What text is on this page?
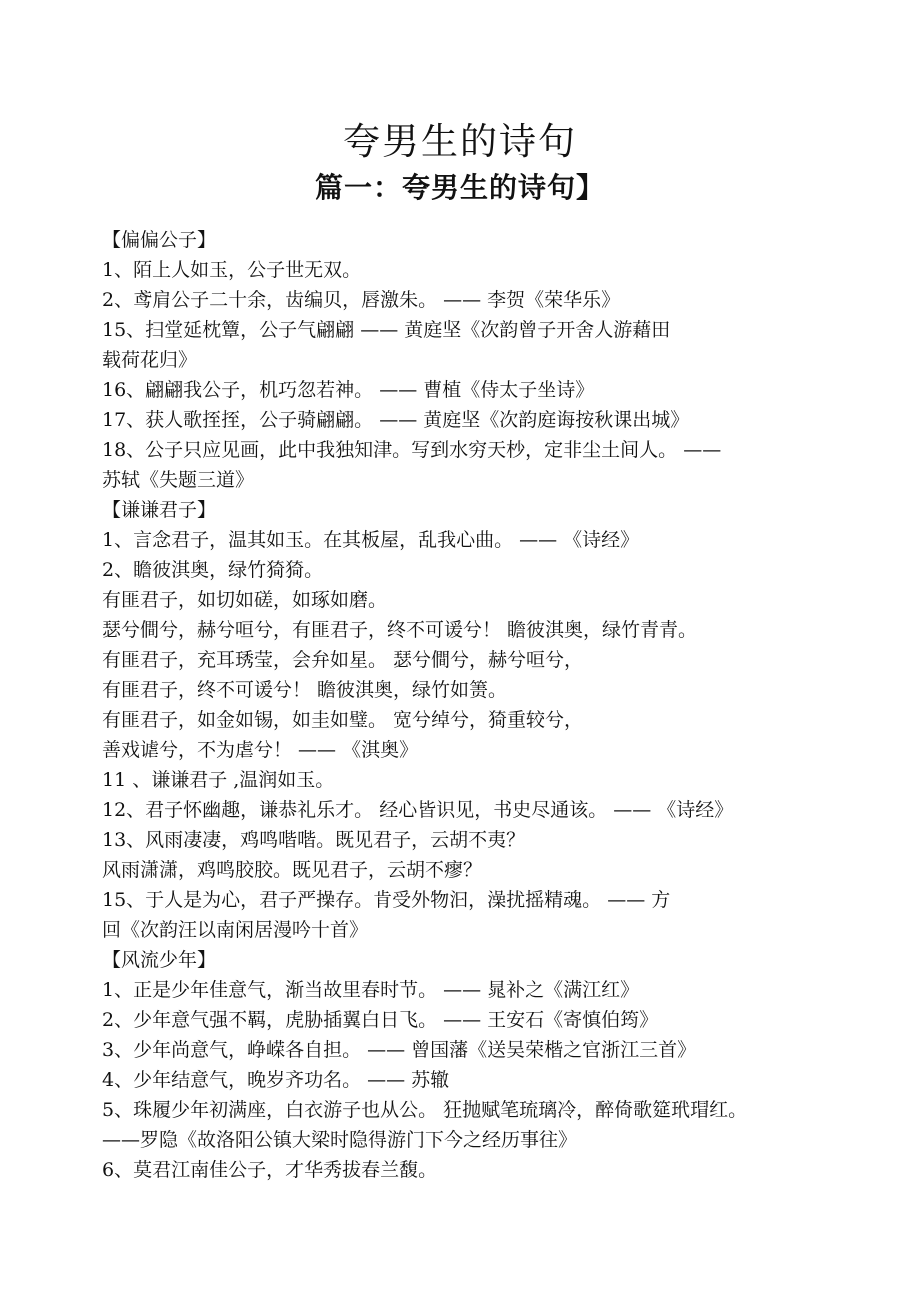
夸男生的诗句
篇一：夸男生的诗句】
【偏偏公子】
1、陌上人如玉，公子世无双。
2、鸢肩公子二十余，齿编贝，唇激朱。 —— 李贺《荣华乐》
15、扫堂延枕簟，公子气翩翩 —— 黄庭坚《次韵曾子开舍人游藉田
载荷花归》
16、翩翩我公子，机巧忽若神。 —— 曹植《侍太子坐诗》
17、获人歌挃挃，公子骑翩翩。 —— 黄庭坚《次韵庭诲按秋课出城》
18、公子只应见画，此中我独知津。写到水穷天杪，定非尘土间人。 ——
苏轼《失题三道》
【谦谦君子】
1、言念君子，温其如玉。在其板屋，乱我心曲。 —— 《诗经》
2、瞻彼淇奥，绿竹猗猗。
有匪君子，如切如磋，如琢如磨。
瑟兮僴兮，赫兮咺兮，有匪君子，终不可谖兮！ 瞻彼淇奥，绿竹青青。
有匪君子，充耳琇莹，会弁如星。 瑟兮僴兮，赫兮咺兮，
有匪君子，终不可谖兮！ 瞻彼淇奥，绿竹如箦。
有匪君子，如金如锡，如圭如璧。 宽兮绰兮，猗重较兮，
善戏谑兮，不为虐兮！ —— 《淇奥》
11 、谦谦君子 ,温润如玉。
12、君子怀幽趣，谦恭礼乐才。 经心皆识见，书史尽通该。 —— 《诗经》
13、风雨凄凄，鸡鸣喈喈。既见君子，云胡不夷？
风雨潇潇，鸡鸣胶胶。既见君子，云胡不瘳？
15、于人是为心，君子严操存。肯受外物汩，澡扰摇精魂。 —— 方
回《次韵汪以南闲居漫吟十首》
【风流少年】
1、正是少年佳意气，渐当故里春时节。 —— 晁补之《满江红》
2、少年意气强不羁，虎胁插翼白日飞。 —— 王安石《寄慎伯筠》
3、少年尚意气，峥嵘各自担。 —— 曾国藩《送吴荣楷之官浙江三首》
4、少年结意气，晚岁齐功名。 —— 苏辙
5、珠履少年初满座，白衣游子也从公。 狂抛赋笔琉璃冷，醉倚歌筵玳瑁红。
——罗隐《故洛阳公镇大梁时隐得游门下今之经历事往》
6、莫君江南佳公子，才华秀拔春兰馥。
